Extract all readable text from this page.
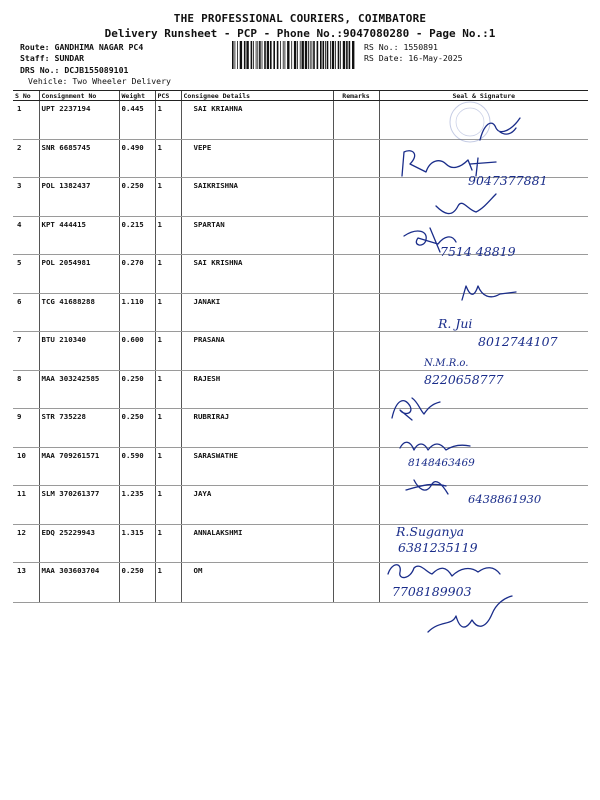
THE PROFESSIONAL COURIERS, COIMBATORE
Delivery Runsheet - PCP - Phone No.:9047080280 - Page No.:1
Route: GANDHIMA NAGAR PC4
Staff: SUNDAR
DRS No.: DCJB155089101
Vehicle: Two Wheeler Delivery
RS No.: 1550891
RS Date: 16-May-2025
S No	Consignment No	Weight	PCS	Consignee Details	Remarks	Seal & Signature
1	UPT 2237194	0.445	1	SAI KRIAHNA		
2	SNR 6685745	0.490	1	VEPE		
3	POL 1382437	0.250	1	SAIKRISHNA		
4	KPT 444415	0.215	1	SPARTAN		
5	POL 2054981	0.270	1	SAI KRISHNA		
6	TCG 41688288	1.110	1	JANAKI		
7	BTU 210340	0.600	1	PRASANA		
8	MAA 303242585	0.250	1	RAJESH		
9	STR 735228	0.250	1	RUBRIRAJ		
10	MAA 709261571	0.590	1	SARASWATHE		
11	SLM 370261377	1.235	1	JAYA		
12	EDQ 25229943	1.315	1	ANNALAKSHMI		
13	MAA 303603704	0.250	1	OM		
9047377881
7514 48819
R. Jui
8012744107
N.M.R.o.
8220658777
8148463469
6438861930
R.Suganya
6381235119
7708189903
